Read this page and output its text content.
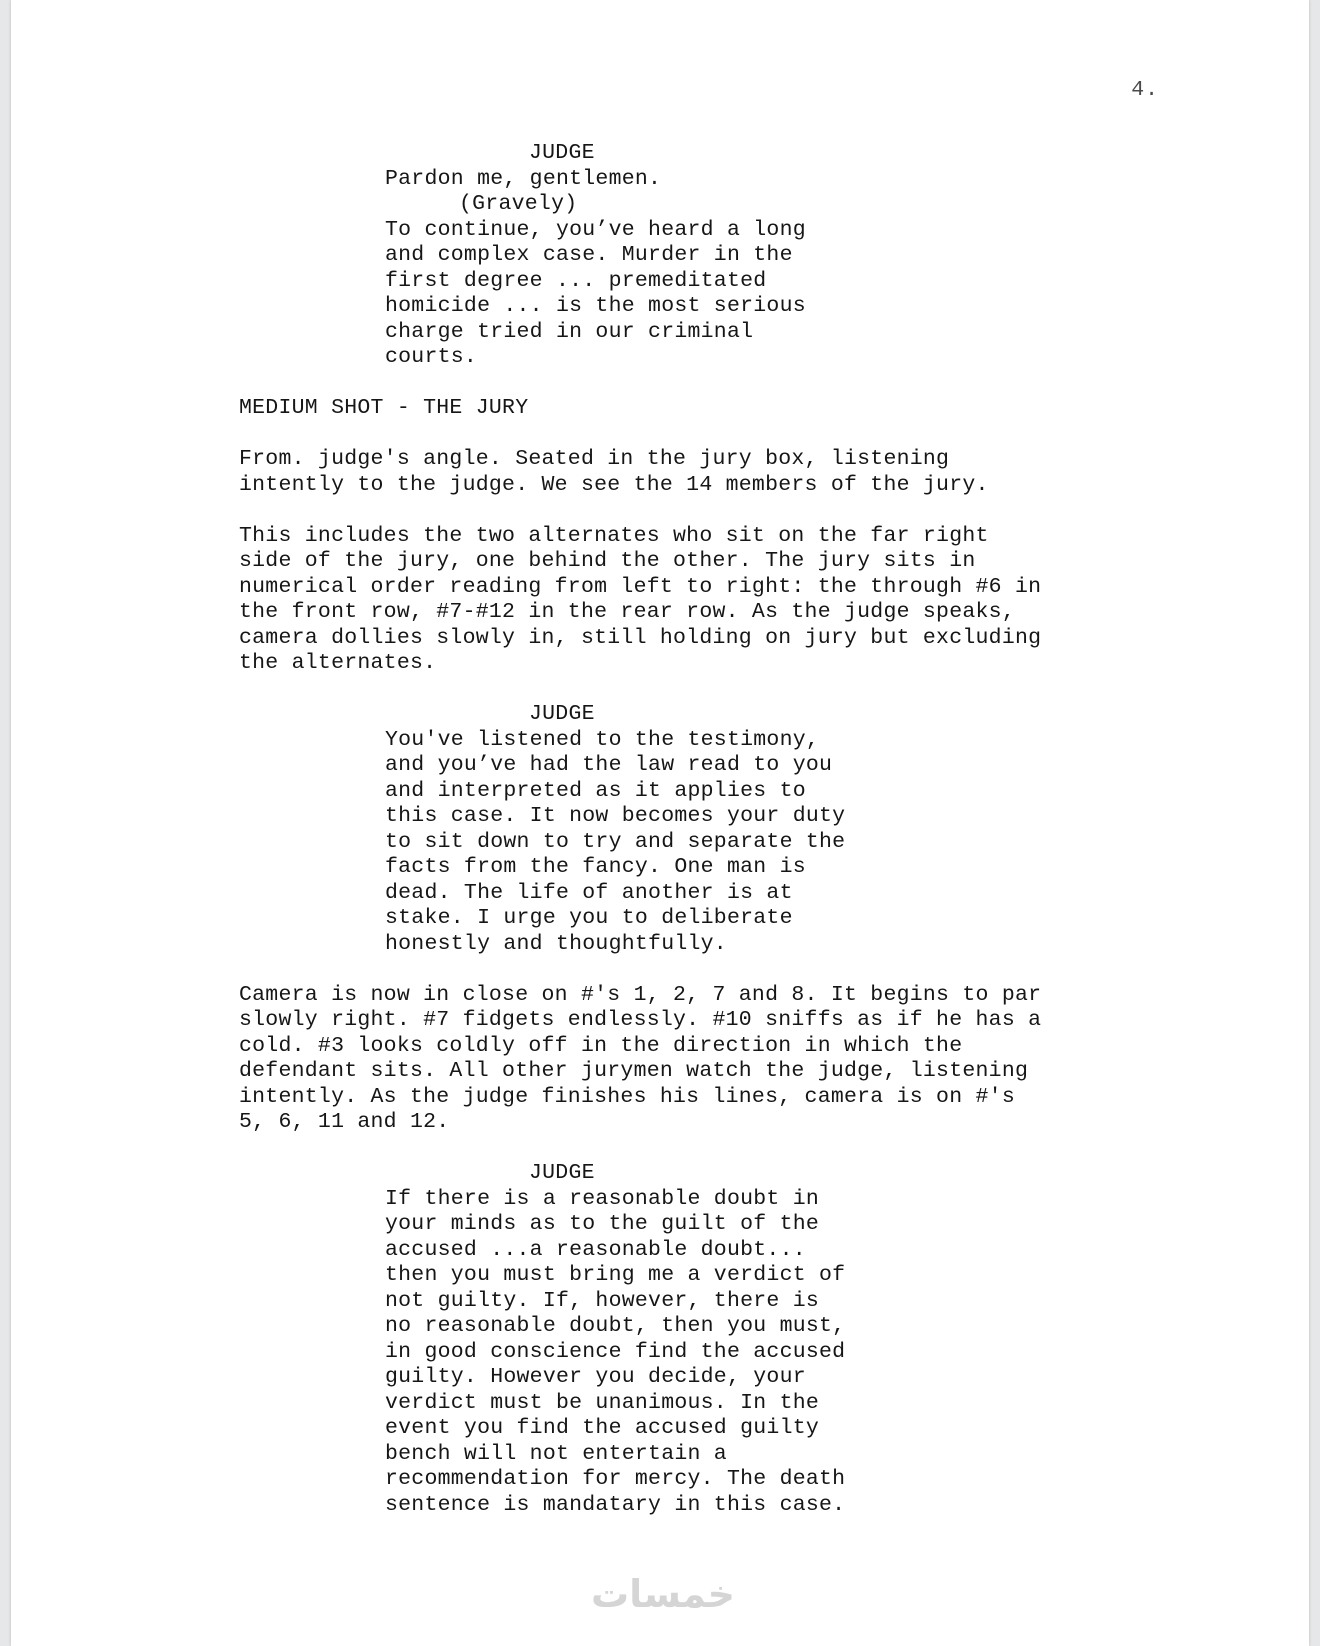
4.
JUDGE
Pardon me, gentlemen.
(Gravely)
To continue, you’ve heard a long
and complex case. Murder in the
first degree ... premeditated
homicide ... is the most serious
charge tried in our criminal
courts.
MEDIUM SHOT - THE JURY
From. judge's angle. Seated in the jury box, listening
intently to the judge. We see the 14 members of the jury.
This includes the two alternates who sit on the far right
side of the jury, one behind the other. The jury sits in
numerical order reading from left to right: the through #6 in
the front row, #7-#12 in the rear row. As the judge speaks,
camera dollies slowly in, still holding on jury but excluding
the alternates.
JUDGE
You've listened to the testimony,
and you’ve had the law read to you
and interpreted as it applies to
this case. It now becomes your duty
to sit down to try and separate the
facts from the fancy. One man is
dead. The life of another is at
stake. I urge you to deliberate
honestly and thoughtfully.
Camera is now in close on #'s 1, 2, 7 and 8. It begins to par
slowly right. #7 fidgets endlessly. #10 sniffs as if he has a
cold. #3 looks coldly off in the direction in which the
defendant sits. All other jurymen watch the judge, listening
intently. As the judge finishes his lines, camera is on #'s
5, 6, 11 and 12.
JUDGE
If there is a reasonable doubt in
your minds as to the guilt of the
accused ...a reasonable doubt...
then you must bring me a verdict of
not guilty. If, however, there is
no reasonable doubt, then you must,
in good conscience find the accused
guilty. However you decide, your
verdict must be unanimous. In the
event you find the accused guilty
bench will not entertain a
recommendation for mercy. The death
sentence is mandatary in this case.
خمسات
